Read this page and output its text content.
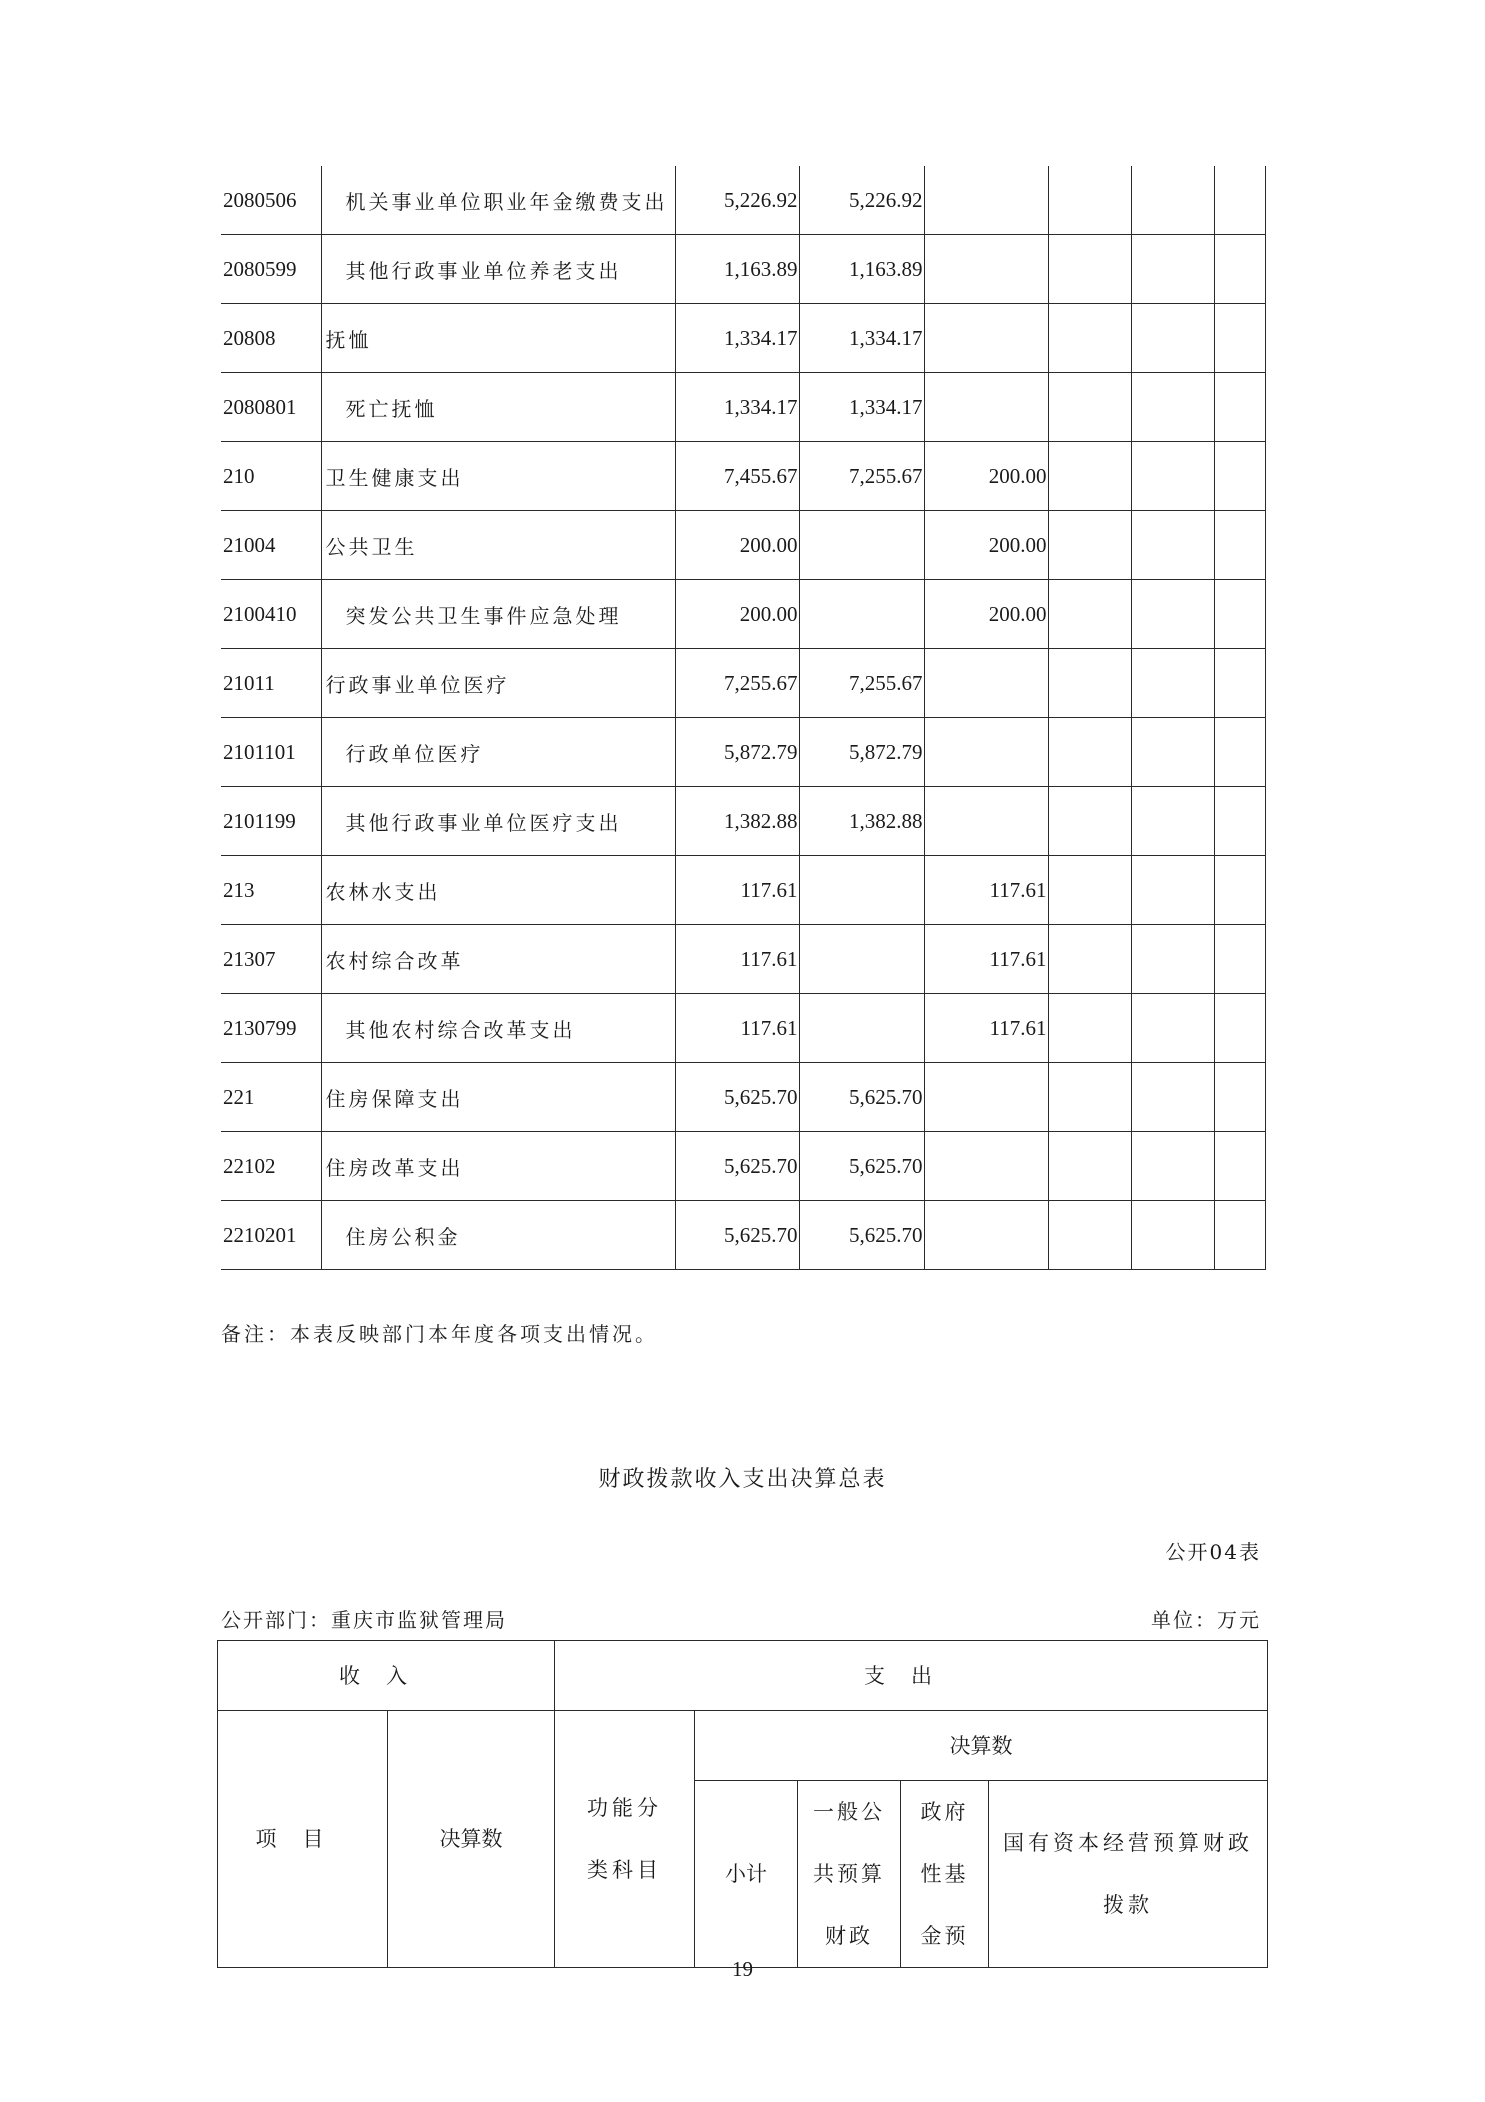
2080506	机关事业单位职业年金缴费支出	5,226.92	5,226.92				
2080599	其他行政事业单位养老支出	1,163.89	1,163.89				
20808	抚恤	1,334.17	1,334.17				
2080801	死亡抚恤	1,334.17	1,334.17				
210	卫生健康支出	7,455.67	7,255.67	200.00			
21004	公共卫生	200.00		200.00			
2100410	突发公共卫生事件应急处理	200.00		200.00			
21011	行政事业单位医疗	7,255.67	7,255.67				
2101101	行政单位医疗	5,872.79	5,872.79				
2101199	其他行政事业单位医疗支出	1,382.88	1,382.88				
213	农林水支出	117.61		117.61			
21307	农村综合改革	117.61		117.61			
2130799	其他农村综合改革支出	117.61		117.61			
221	住房保障支出	5,625.70	5,625.70				
22102	住房改革支出	5,625.70	5,625.70				
2210201	住房公积金	5,625.70	5,625.70				
备注：本表反映部门本年度各项支出情况。
财政拨款收入支出决算总表
公开04表
公开部门：重庆市监狱管理局	单位：万元
收入		支出				
项目	决算数	功能分类科目	决算数			
			小计	一般公共预算财政	政府性基金预	国有资本经营预算财政拨款
19
